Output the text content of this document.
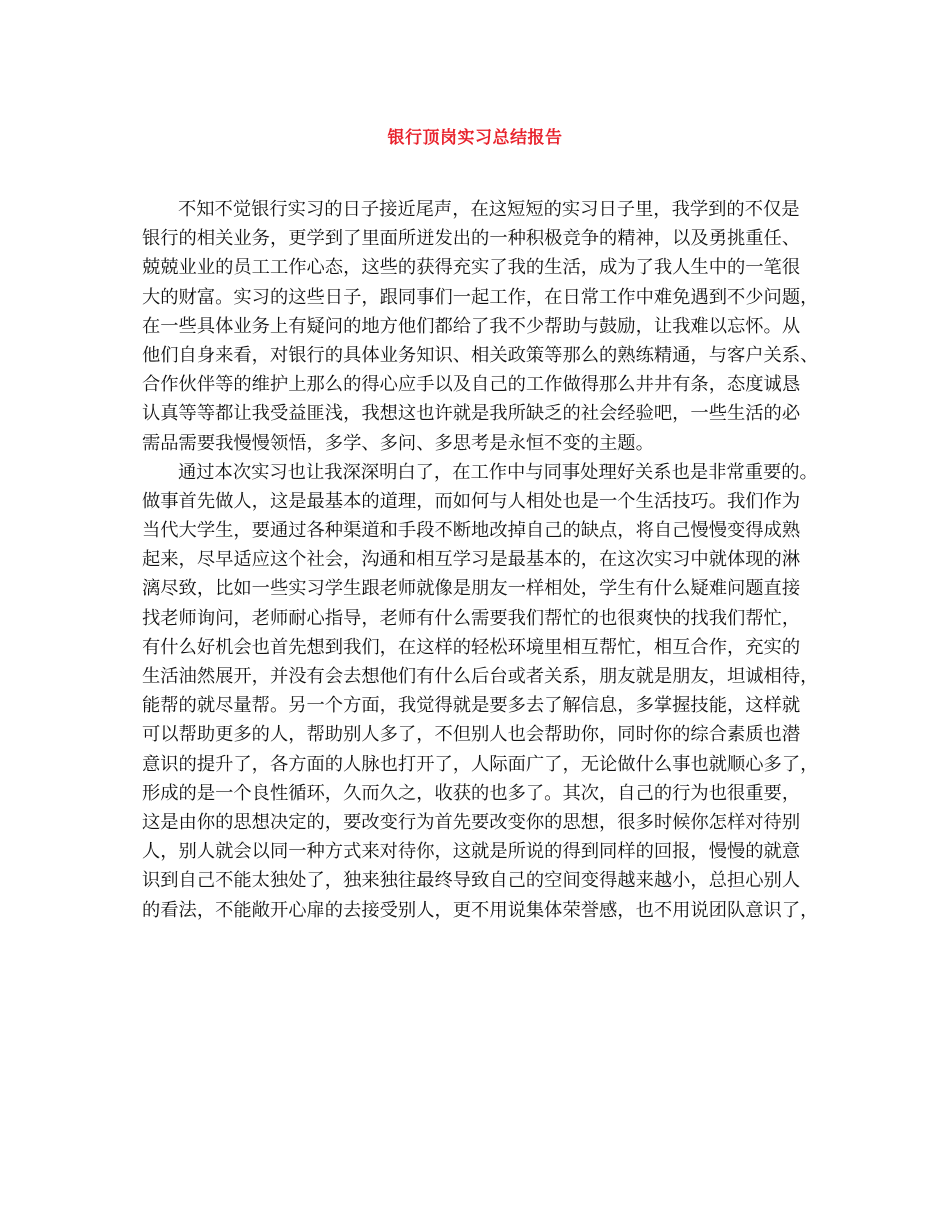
银行顶岗实习总结报告
不知不觉银行实习的日子接近尾声，在这短短的实习日子里，我学到的不仅是
银行的相关业务，更学到了里面所迸发出的一种积极竞争的精神，以及勇挑重任、
兢兢业业的员工工作心态，这些的获得充实了我的生活，成为了我人生中的一笔很
大的财富。实习的这些日子，跟同事们一起工作，在日常工作中难免遇到不少问题，
在一些具体业务上有疑问的地方他们都给了我不少帮助与鼓励，让我难以忘怀。从
他们自身来看，对银行的具体业务知识、相关政策等那么的熟练精通，与客户关系、
合作伙伴等的维护上那么的得心应手以及自己的工作做得那么井井有条，态度诚恳
认真等等都让我受益匪浅，我想这也许就是我所缺乏的社会经验吧，一些生活的必
需品需要我慢慢领悟，多学、多问、多思考是永恒不变的主题。
通过本次实习也让我深深明白了，在工作中与同事处理好关系也是非常重要的。
做事首先做人，这是最基本的道理，而如何与人相处也是一个生活技巧。我们作为
当代大学生，要通过各种渠道和手段不断地改掉自己的缺点，将自己慢慢变得成熟
起来，尽早适应这个社会，沟通和相互学习是最基本的，在这次实习中就体现的淋
漓尽致，比如一些实习学生跟老师就像是朋友一样相处，学生有什么疑难问题直接
找老师询问，老师耐心指导，老师有什么需要我们帮忙的也很爽快的找我们帮忙，
有什么好机会也首先想到我们，在这样的轻松环境里相互帮忙，相互合作，充实的
生活油然展开，并没有会去想他们有什么后台或者关系，朋友就是朋友，坦诚相待，
能帮的就尽量帮。另一个方面，我觉得就是要多去了解信息，多掌握技能，这样就
可以帮助更多的人，帮助别人多了，不但别人也会帮助你，同时你的综合素质也潜
意识的提升了，各方面的人脉也打开了，人际面广了，无论做什么事也就顺心多了，
形成的是一个良性循环，久而久之，收获的也多了。其次，自己的行为也很重要，
这是由你的思想决定的，要改变行为首先要改变你的思想，很多时候你怎样对待别
人，别人就会以同一种方式来对待你，这就是所说的得到同样的回报，慢慢的就意
识到自己不能太独处了，独来独往最终导致自己的空间变得越来越小，总担心别人
的看法，不能敞开心扉的去接受别人，更不用说集体荣誉感，也不用说团队意识了，
